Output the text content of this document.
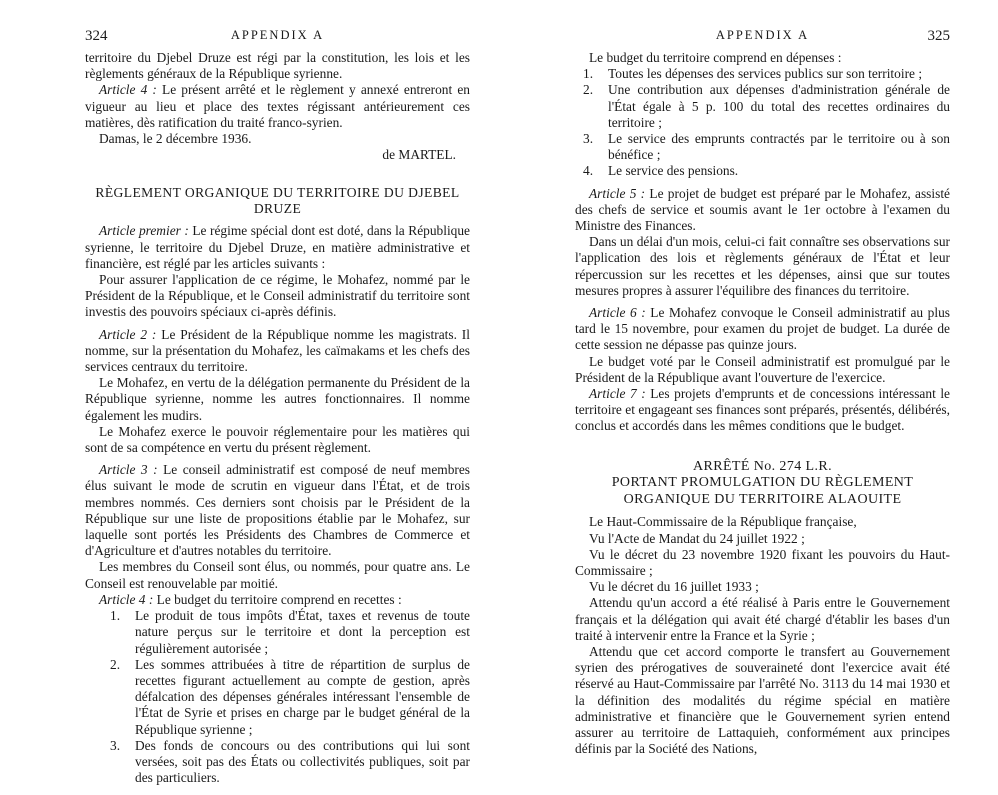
324	APPENDIX A

territoire du Djebel Druze est régi par la constitution, les lois et les règlements généraux de la République syrienne.

Article 4 : Le présent arrêté et le règlement y annexé entreront en vigueur au lieu et place des textes régissant antérieurement ces matières, dès ratification du traité franco-syrien.

Damas, le 2 décembre 1936.

de MARTEL.

RÈGLEMENT ORGANIQUE DU TERRITOIRE DU DJEBEL DRUZE

Article premier : Le régime spécial dont est doté, dans la République syrienne, le territoire du Djebel Druze, en matière administrative et financière, est réglé par les articles suivants :

Pour assurer l'application de ce régime, le Mohafez, nommé par le Président de la République, et le Conseil administratif du territoire sont investis des pouvoirs spéciaux ci-après définis.

Article 2 : Le Président de la République nomme les magistrats. Il nomme, sur la présentation du Mohafez, les caïmakams et les chefs des services centraux du territoire.

Le Mohafez, en vertu de la délégation permanente du Président de la République syrienne, nomme les autres fonctionnaires. Il nomme également les mudirs.

Le Mohafez exerce le pouvoir réglementaire pour les matières qui sont de sa compétence en vertu du présent règlement.

Article 3 : Le conseil administratif est composé de neuf membres élus suivant le mode de scrutin en vigueur dans l'État, et de trois membres nommés. Ces derniers sont choisis par le Président de la République sur une liste de propositions établie par le Mohafez, sur laquelle sont portés les Présidents des Chambres de Commerce et d'Agriculture et d'autres notables du territoire.

Les membres du Conseil sont élus, ou nommés, pour quatre ans. Le Conseil est renouvelable par moitié.

Article 4 : Le budget du territoire comprend en recettes :

1.	Le produit de tous impôts d'État, taxes et revenus de toute nature perçus sur le territoire et dont la perception est régulièrement autorisée ;
2.	Les sommes attribuées à titre de répartition de surplus de recettes figurant actuellement au compte de gestion, après défalcation des dépenses générales intéressant l'ensemble de l'État de Syrie et prises en charge par le budget général de la République syrienne ;
3.	Des fonds de concours ou des contributions qui lui sont versées, soit pas des États ou collectivités publiques, soit par des particuliers.
APPENDIX A	325

Le budget du territoire comprend en dépenses :

1.	Toutes les dépenses des services publics sur son territoire ;
2.	Une contribution aux dépenses d'administration générale de l'État égale à 5 p. 100 du total des recettes ordinaires du territoire ;
3.	Le service des emprunts contractés par le territoire ou à son bénéfice ;
4.	Le service des pensions.

Article 5 : Le projet de budget est préparé par le Mohafez, assisté des chefs de service et soumis avant le 1er octobre à l'examen du Ministre des Finances.

Dans un délai d'un mois, celui-ci fait connaître ses observations sur l'application des lois et règlements généraux de l'État et leur répercussion sur les recettes et les dépenses, ainsi que sur toutes mesures propres à assurer l'équilibre des finances du territoire.

Article 6 : Le Mohafez convoque le Conseil administratif au plus tard le 15 novembre, pour examen du projet de budget. La durée de cette session ne dépasse pas quinze jours.

Le budget voté par le Conseil administratif est promulgué par le Président de la République avant l'ouverture de l'exercice.

Article 7 : Les projets d'emprunts et de concessions intéressant le territoire et engageant ses finances sont préparés, présentés, délibérés, conclus et accordés dans les mêmes conditions que le budget.

ARRÊTÉ No. 274 L.R.
PORTANT PROMULGATION DU RÈGLEMENT ORGANIQUE DU TERRITOIRE ALAOUITE

Le Haut-Commissaire de la République française,

Vu l'Acte de Mandat du 24 juillet 1922 ;

Vu le décret du 23 novembre 1920 fixant les pouvoirs du Haut-Commissaire ;

Vu le décret du 16 juillet 1933 ;

Attendu qu'un accord a été réalisé à Paris entre le Gouvernement français et la délégation qui avait été chargé d'établir les bases d'un traité à intervenir entre la France et la Syrie ;

Attendu que cet accord comporte le transfert au Gouvernement syrien des prérogatives de souveraineté dont l'exercice avait été réservé au Haut-Commissaire par l'arrêté No. 3113 du 14 mai 1930 et la définition des modalités du régime spécial en matière administrative et financière que le Gouvernement syrien entend assurer au territoire de Lattaquieh, conformément aux principes définis par la Société des Nations,
